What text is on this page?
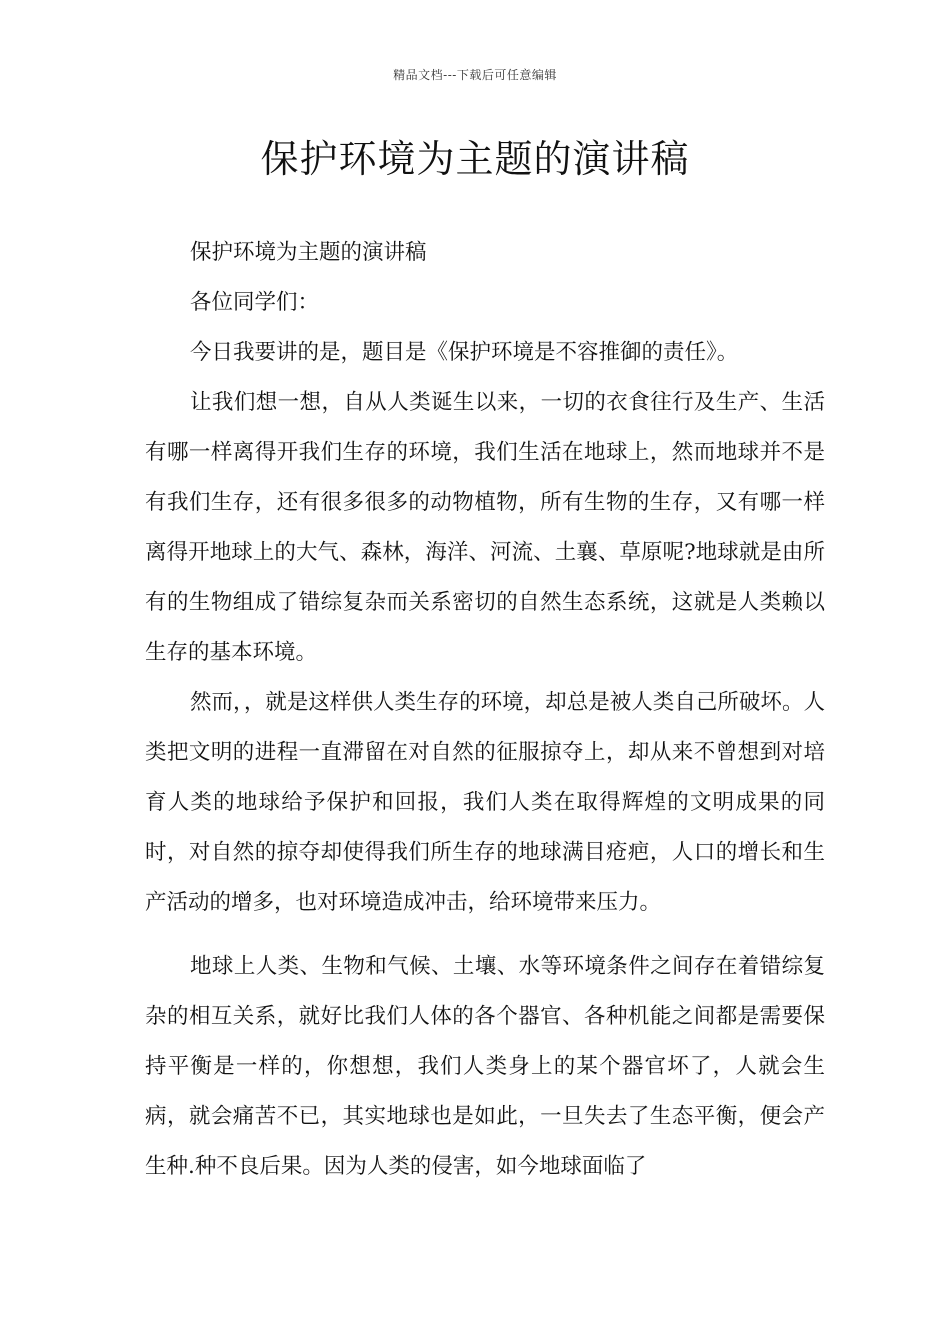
精品文档---下载后可任意编辑
保护环境为主题的演讲稿

保护环境为主题的演讲稿

各位同学们：

今日我要讲的是，题目是《保护环境是不容推御的责任》。

让我们想一想，自从人类诞生以来，一切的衣食往行及生产、生活有哪一样离得开我们生存的环境，我们生活在地球上，然而地球并不是有我们生存，还有很多很多的动物植物，所有生物的生存，又有哪一样离得开地球上的大气、森林，海洋、河流、土襄、草原呢?地球就是由所有的生物组成了错综复杂而关系密切的自然生态系统，这就是人类赖以生存的基本环境。

然而，，就是这样供人类生存的环境，却总是被人类自己所破坏。人类把文明的进程一直滞留在对自然的征服掠夺上，却从来不曾想到对培育人类的地球给予保护和回报，我们人类在取得辉煌的文明成果的同时，对自然的掠夺却使得我们所生存的地球满目疮疤，人口的增长和生产活动的增多，也对环境造成冲击，给环境带来压力。

地球上人类、生物和气候、土壤、水等环境条件之间存在着错综复杂的相互关系，就好比我们人体的各个器官、各种机能之间都是需要保持平衡是一样的，你想想，我们人类身上的某个器官坏了，人就会生病，就会痛苦不已，其实地球也是如此，一旦失去了生态平衡，便会产生种.种不良后果。因为人类的侵害，如今地球面临了
